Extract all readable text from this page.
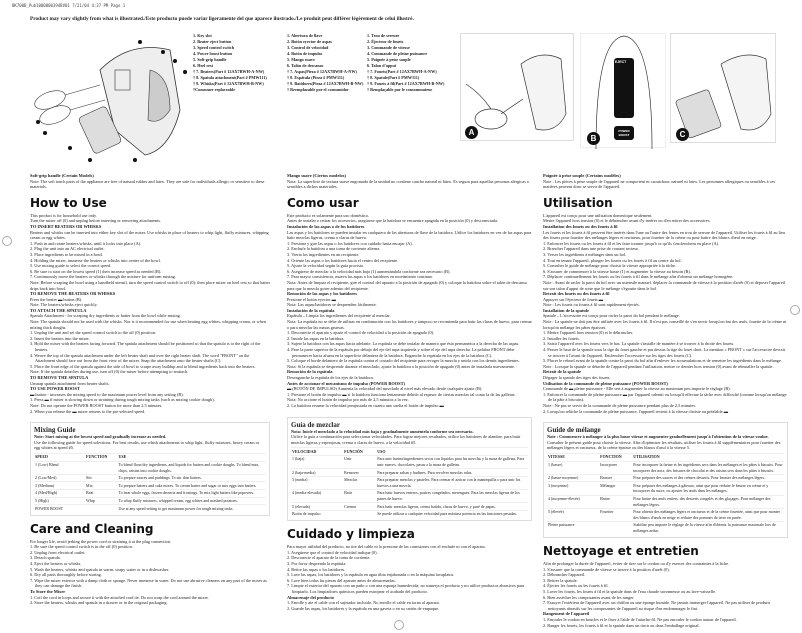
BK700B_Pub1000000394BV01 7/21/04 4:37 PM Page 1
Product may vary slightly from what is illustrated./Este producto puede variar ligeramente del que aparece ilustrado./Le produit peut différer légèrement de celui illustré.
1. Key slot
2. Beater eject button
3. Speed control switch
4. Power boost button
5. Soft-grip handle
6. Heel rest
† 7. Beaters(Part # 12AX7BWH-A-NW)
† 8. Spatula attachment(Part # PMW111)
† 9. Whisks(Part # 12AX7BWH-B-NW)
†Consumer replaceable
1. Abertura de llave
2. Botón eyector de aspas
3. Control de velocidad
4. Botón de impulso
5. Mango suave
6. Talón de descanso
† 7. Aspas(Pieza # 12AX7BWH-A-NW)
† 8. Espátula (Pieza # PMW111)
† 9. Batidores(Pieza # 12AX7BWH-B-NW)
† Reemplazable por el consumidor
1. Trou de serrure
2. Éjecteur de fouets
3. Commande de vitesse
4. Commande de pleine puissance
5. Poignée à prise souple
6. Talon d'appui
† 7. Fouets(Part # 12AX7BWH-A-NW)
† 8. Spatule(Part # PMW111)
† 9. Fouets à fil(Part # 12AX7BWH-B-NW)
† Remplaçable par le consommateur
A
EJECT
POWER BOOST
B	C
Soft-grip handle (Certain Models)
Note: The soft touch parts of the appliance are free of natural rubber and latex. They are safe for individuals allergic or sensitive to these materials.
How to Use
This product is for household use only.
Turn the mixer off (0) and unplug before inserting or removing attachments.
TO INSERT BEATERS OR WHISKS
Beaters and whisks can be inserted into either key slot of the mixer. Use whisks in place of beaters to whip light, fluffy mixtures, whipping cream or egg whites.
1. Push in and rotate beaters/whisks, until it locks into place (A).
2. Plug the unit into an AC electrical outlet.
3. Place ingredients to be mixed in a bowl.
4. Holding the mixer, immerse the beaters or whisks into center of the bowl.
5. Use mixing guide to select the correct speed.
6. Be sure to start on the lowest speed (1) then increase speed as needed (B).
7. Continuously move the beaters or whisks through the mixture for uniform mixing.
Note: Before scraping the bowl using a handheld utensil, turn the speed control switch to off (0); then place mixer on heel rest so that batter drips back into bowl.
TO REMOVE THE BEATERS OR WHISKS
Press the beater ▬ button (B).
Note: The beaters/whisks eject quickly.
TO ATTACH THE SPATULA
Spatula Attachment - for scraping dry ingredients or batter from the bowl while mixing.
Note: The spatula should not be used with the whisks. Nor is it recommended for use when beating egg whites, whipping cream, or when mixing thick doughs.
1. Unplug the unit and set the speed control switch to the off (0) position.
2. Insert the beaters into the mixer.
3. Hold the mixer with the beaters facing forward. The spatula attachment should be positioned so that the spatula is to the right of the beaters.
4. Weave the top of the spatula attachment under the left beater shaft and over the right beater shaft. The word "FRONT" on the Attachment should face out from the front view of the mixer. Snap the attachment onto the beater shafts (C).
5. Place the front edge of the spatula against the side of bowl to scrape away buildup and to blend ingredients back into the beaters.
Note: If the spatula detaches during use, turn off (0) the mixer before attempting to reattach.
TO REMOVE THE SPATULA
Unsnap spatula attachment from beater shafts.
TO USE POWER BOOST
▬ button - increases the mixing speed to the maximum power level from any setting (B).
1. Press ▬ if mixer is slowing down or straining during tough mixing tasks (such as mixing cookie dough).
Note: Do not operate the POWER BOOST button for more than 2.5 minutes.
2. When you release the ▬ mixer returns to the pre-selected speed.
Mixing Guide
Note: Start mixing at the lowest speed and gradually increase as needed.
Use the following guide for speed selections. For best results, use whisk attachments to whip light, fluffy mixtures, heavy cream or egg whites at speed #5.
SPEED	FUNCTION	USE
1 (Low) Blend		To blend flour/dry ingredients, and liquids for batters and cookie doughs. To blend nuts, chips, raisins into cookie doughs.
2 (Low/Med)	Stir	To prepare sauces and puddings. To stir thin batters.
3 (Medium)	Mix	To prepare batters and cake mixes. To cream butter and sugar or mix eggs into batters.
4 (Med/High)	Beat	To beat whole eggs, frozen desserts and frostings. To mix light batters like popovers.
5 (High)	Whip	To whip fluffy mixtures, whipped cream, egg whites and mashed potatoes.
POWER BOOST		Use at any speed setting to get maximum power for tough mixing tasks.
Care and Cleaning
For longer life, avoid jerking the power cord or straining it at the plug connection.
1. Be sure the speed control switch is in the off (0) position.
2. Unplug from electrical outlet.
3. Detach spatula.
4. Eject the beaters or whisks.
5. Wash the beaters, whisks and spatula in warm, soapy water or in a dishwasher.
6. Dry all parts thoroughly before storing.
7. Wipe the mixer exterior with a damp cloth or sponge. Never immerse in water. Do not use abrasive cleaners on any part of the mixer as they can damage the finish.
To Store the Mixer
1. Coil the cord in loops and secure it with the attached cord tie. Do not wrap the cord around the mixer.
2. Store the beaters, whisks and spatula in a drawer or in the original packaging.
Mango suave (Ciertos modelos)
Nota: La superficie de textura suave engomada de la unidad no contiene caucho natural ni látex. Es segura para aquellas personas alérgicas o sensibles a dichos materiales.
Como usar
Este producto es solamente para uso doméstico.
Antes de instalar o retirar los accesorios, asegúrese que la batidora se encuentre apagada en la posición (0) y desconectada.
Instalación de las aspas o de los batidores
Las aspas y los batidores se pueden instalar en cualquiera de las aberturas de llave de la batidora. Utilice los batidores en vez de las aspas para batir mezclas ligeras, crema o claras de huevo.
1. Presione y gire las aspas o los batidores con cuidado hasta encajar (A).
2. Enchufe la batidora a una toma de corriente alterna.
3. Vierta los ingredientes en un recipiente.
4. Oriente las aspas o los batidores hacia el centro del recipiente.
5. Ajuste la velocidad según la guía provista.
6. Asegúrese de mezclar a la velocidad más baja (1) aumentándola conforme sea necesario (B).
7. Para mayor consistencia, mueva las aspas o los batidores en movimiento continuo.
Nota: Antes de limpiar el recipiente, gire el control del aparato a la posición de apagado (0) y coloque la batidora sobre el talón de descanso para que la mezcla gotee adentro del recipiente.
Remoción de las aspas y los batidores
Presione el botón eyector ▬
Nota: Las aspas/batidores se desprenden fácilmente.
Instalación de la espátula
Espátula – Limpia los ingredientes del recipiente al mezclar.
Nota: La espátula no se debe de utilizar en combinación con los batidores y tampoco se recomienda para batir las claras de huevo, para cremar o para mezclar las masas gruesas.
1. Desconecte el aparato y ajuste el control de velocidad a la posición de apagado (0).
2. Instale las aspas en la batidora.
3. Sujete la batidora con las aspas hacia adelante. La espátula se debe instalar de manera que ésta permanezca a la derecha de las aspas.
4. Pase la parte superior de la espátula por debajo del eje del aspa izquierda y sobre el eje del aspa derecha. La palabra FRONT debe permanecer hacia afuera en la superficie delantera de la batidora. Enganche la espátula en los ejes de la batidora (C).
5. Coloque el borde delantero de la espátula contra el costado del recipiente para recoger la mezcla y unirla con los demás ingredientes.
Nota: Si la espátula se desprende durante el mezclado, ajuste la batidora a la posición de apagado (0) antes de instalarla nuevamente.
Remoción de la espátula
Desenganche la espátula de los ejes de la batidora.
Antes de accionar el mecanismo de impulso (POWER BOOST)
▬ (BOTÓN DE IMPULSO) Aumenta la velocidad del mezclado al nivel más elevado desde cualquier ajuste (B).
1. Presione el botón de impulso ▬ si la batidora funciona lentamente debido al espesor de ciertas mezclas tal como la de las galletas.
Nota: No accione el botón de impulso por más de 2,5 minutos a la vez.
2. La batidora resume la velocidad preajustada en cuanto uno suelta el botón de impulso ▬
Guía de mezclar
Nota: Inicie el mezclado a la velocidad más baja y gradualmente auméntela conforme sea necesario.
Utilice la guía a continuación para seleccionar velocidades. Para lograr mejores resultados, utilice los batidores de alambre, para batir mezclas ligeras y esponjosas, crema o claras de huevo, a la velocidad #5.
VELOCIDAD	FUNCIÓN	USO
1 (baja)	Unir	Para unir harina/ingredientes secos con líquidos para las mezclas y la masa de galletas. Para unir nueces, chocolates, pasas a la masa de galletas.
2 (baja-media)	Remover	Para preparar salsas y budines. Para revolver mezclas ralas.
3 (media)	Mezclar	Para preparar mezclas y pasteles. Para cremar el azúcar con la mantequilla o para unir los huevos a una mezcla.
4 (media-elevada)	Batir	Para batir huevos enteros, postres congelados, merengues. Para las mezclas ligeras de los panes de huevo.
5 (elevada)	Cremar	Para batir mezclas ligeras, crema batida, claras de huevo, y puré de papas.
Botón de impulso		Se puede utilizar a cualquier velocidad para máxima potencia en las funciones pesadas.
Cuidado y limpieza
Para mayor utilidad del producto, no tire del cable ni lo presione de las conexiones con el enchufe ni con el aparato.
1. Asegúrese que el control de velocidad indique (0).
2. Desconecte el aparato de la toma de corriente.
3. Por favor desprenda la espátula.
4. Retire las aspas o los batidores.
5. Lave las aspas, los batidores y la espátula en agua tibia enjabonada o en la máquina lavaplatos.
6. Lave bien todas las piezas del aparato antes de almacenarlas.
7. Limpie el exterior del aparato con un paño o con una esponja humedecida; no sumerja el producto y no utilice productos abrasivos para limpiarlo. Los limpiadores químicos pueden estropear el acabado del producto.
Almacenaje del producto
1. Enrolle y ate el cable con el sujetador incluido. No enrolle el cable en torno al aparato.
2. Guarde las aspas, los batidores y la espátula en una gaveta o en su cartón de empaque.
Poignée à prise souple (Certains modèles)
Note : Les pièces à prise souple de l'appareil ne comportent ni caoutchouc naturel ni latex. Les personnes allergiques ou sensibles à ces matières peuvent donc se servir de l'appareil.
Utilisation
L'appareil est conçu pour une utilisation domestique seulement.
Mettre l'appareil hors tension (0) et le débrancher avant d'y insérer ou d'en retirer des accessoires.
Installation des fouets ou des fouets à fil
Les fouets et les fouets à fil peuvent être insérés dans l'une ou l'autre des fentes en trou de serrure de l'appareil. Utiliser les fouets à fil au lieu des fouets pour fouetter des mélanges légers et onctueux, pour fouetter de la crème ou pour battre des blancs d'œuf en neige.
1. Enfoncer les fouets ou les fouets à fil et les faire tourner jusqu'à ce qu'ils s'enclenchent en place (A).
2. Brancher l'appareil dans une prise de courant secteur.
3. Verser les ingrédients à mélanger dans un bol.
4. Tout en tenant l'appareil, plonger les fouets ou les fouets à fil au centre du bol.
5. Consulter le guide de mélange pour choisir la vitesse appropriée à la tâche.
6. S'assurer de commencer à la vitesse basse (1) et augmenter la vitesse au besoin (B).
7. Déplacer continuellement les fouets ou les fouets à fil dans le mélange afin d'obtenir un mélange homogène.
Note : Avant de racler la paroi du bol avec un ustensile manuel, déplacer la commande de vitesse à la position d'arrêt (0) et déposer l'appareil sur son talon d'appui de sorte que le mélange s'égoutte dans le bol.
Retrait des fouets ou des fouets à fil
Appuyer sur l'éjecteur de fouets ▬
Note : Les fouets ou fouets à fil sont rapidement éjectés.
Installation de la spatule
Spatule – L'accessoire est conçu pour racler la paroi du bol pendant le mélange.
Note : La spatule ne doit pas être utilisée avec les fouets à fil. Il n'est pas conseillé de s'en servir lorsqu'on bat des œufs, fouette de la crème ni lorsqu'on mélange les pâtes épaisses.
1. Mettre l'appareil hors tension (0) et le débrancher.
2. Installer les fouets.
3. Saisir l'appareil avec les fouets vers le bas. La spatule s'installe de manière à se trouver à la droite des fouets.
4. Passer le haut de la spatule sous la tige du fouet gauche et par dessus la tige du fouet droit. La mention « FRONT » sur l'accessoire devrait se trouver à l'avant de l'appareil. Enclencher l'accessoire sur les tiges des fouets (C).
5. Placer le rebord avant de la spatule contre la paroi du bol afin d'enlever les accumulations et de remettre les ingrédients dans le mélange.
Note : Lorsque la spatule se détache de l'appareil pendant l'utilisation, mettre ce dernier hors tension (0) avant de réinstaller la spatule.
Retrait de la spatule
Dégager la spatule des tiges des fouets.
Utilisation de la commande de pleine puissance (POWER BOOST)
Commande de ▬ pleine puissance - Elle sert à augmenter la vitesse au maximum peu importe le réglage (B).
1. Enfoncer la commande de pleine puissance ▬ par l'appareil ralentit ou lorsqu'il effectue la tâche avec difficulté (comme lorsqu'on mélange de la pâte à biscuits).
Note : Ne pas se servir de la commande de pleine puissance pendant plus de 2,5 minutes.
2. Lorsqu'on relâche la commande de pleine puissance, l'appareil revient à la vitesse choisie au préalable ▬
Guide de mélange
Note : Commencer à mélanger à la plus basse vitesse et augmenter graduellement jusqu'à l'obtention de la vitesse voulue.
Consulter le présent guide pour choisir la vitesse. Afin d'optimiser les résultats, utiliser les fouets à fil supplémentaires pour fouetter des mélanges légers et onctueux, de la crème épaisse ou des blancs d'œuf à la vitesse 5.
VITESSE	FONCTION	UTILISATION
1 (basse)	Incorporer	Pour incorporer la farine et les ingrédients secs dans les mélanges et les pâtes à biscuits. Pour incorporer des noix, des brisures de chocolat et des raisins secs dans les pâtes à biscuits.
2 (basse-moyenne)	Brasser	Pour préparer des sauces et des crèmes desserts. Pour brasser des mélanges légers.
3 (moyenne)	Mélanger	Pour préparer des mélanges à gâteaux, ainsi que pour réduire le beurre en crème et y incorporer du sucre, ou ajouter les œufs dans les mélanges.
4 (moyenne-élevée)	Battre	Pour battre des œufs entiers, des desserts congelés et des glaçages. Pour mélanger des mélanges légers.
5 (élevée)	Fouetter	Pour obtenir des mélanges légers et onctueux et de la crème fouettée, ainsi que pour monter des blancs d'œufs en neige et réduire des pommes de terre en purée.
Pleine puissance		Stabilise peu importe le réglage de la vitesse afin d'obtenir la puissance maximale lors de mélanges ardus.
Nettoyage et entretien
Afin de prolonger la durée de l'appareil, éviter de tirer sur le cordon ou d'y exercer des contraintes à la fiche.
1. S'assurer que la commande de vitesse se trouve à la position d'arrêt (0).
2. Débrancher l'appareil.
3. Retirer la spatule.
4. Éjecter les fouets ou les fouets à fil.
5. Laver les fouets, les fouets à fil et la spatule dans de l'eau chaude savonneuse ou au lave-vaisselle.
6. Bien assécher les composantes avant de les ranger.
7. Essuyer l'extérieur de l'appareil avec un chiffon ou une éponge humide. Ne jamais immerger l'appareil. Ne pas utiliser de produits nettoyants abrasifs sur les composantes de l'appareil au risque d'en endommager le fini.
Rangement de l'appareil
1. Enrouler le cordon en boucles et le fixer à l'aide de l'attache-fil. Ne pas enrouler le cordon autour de l'appareil.
2. Ranger les fouets, les fouets à fil et la spatule dans un tiroir ou dans l'emballage original.
